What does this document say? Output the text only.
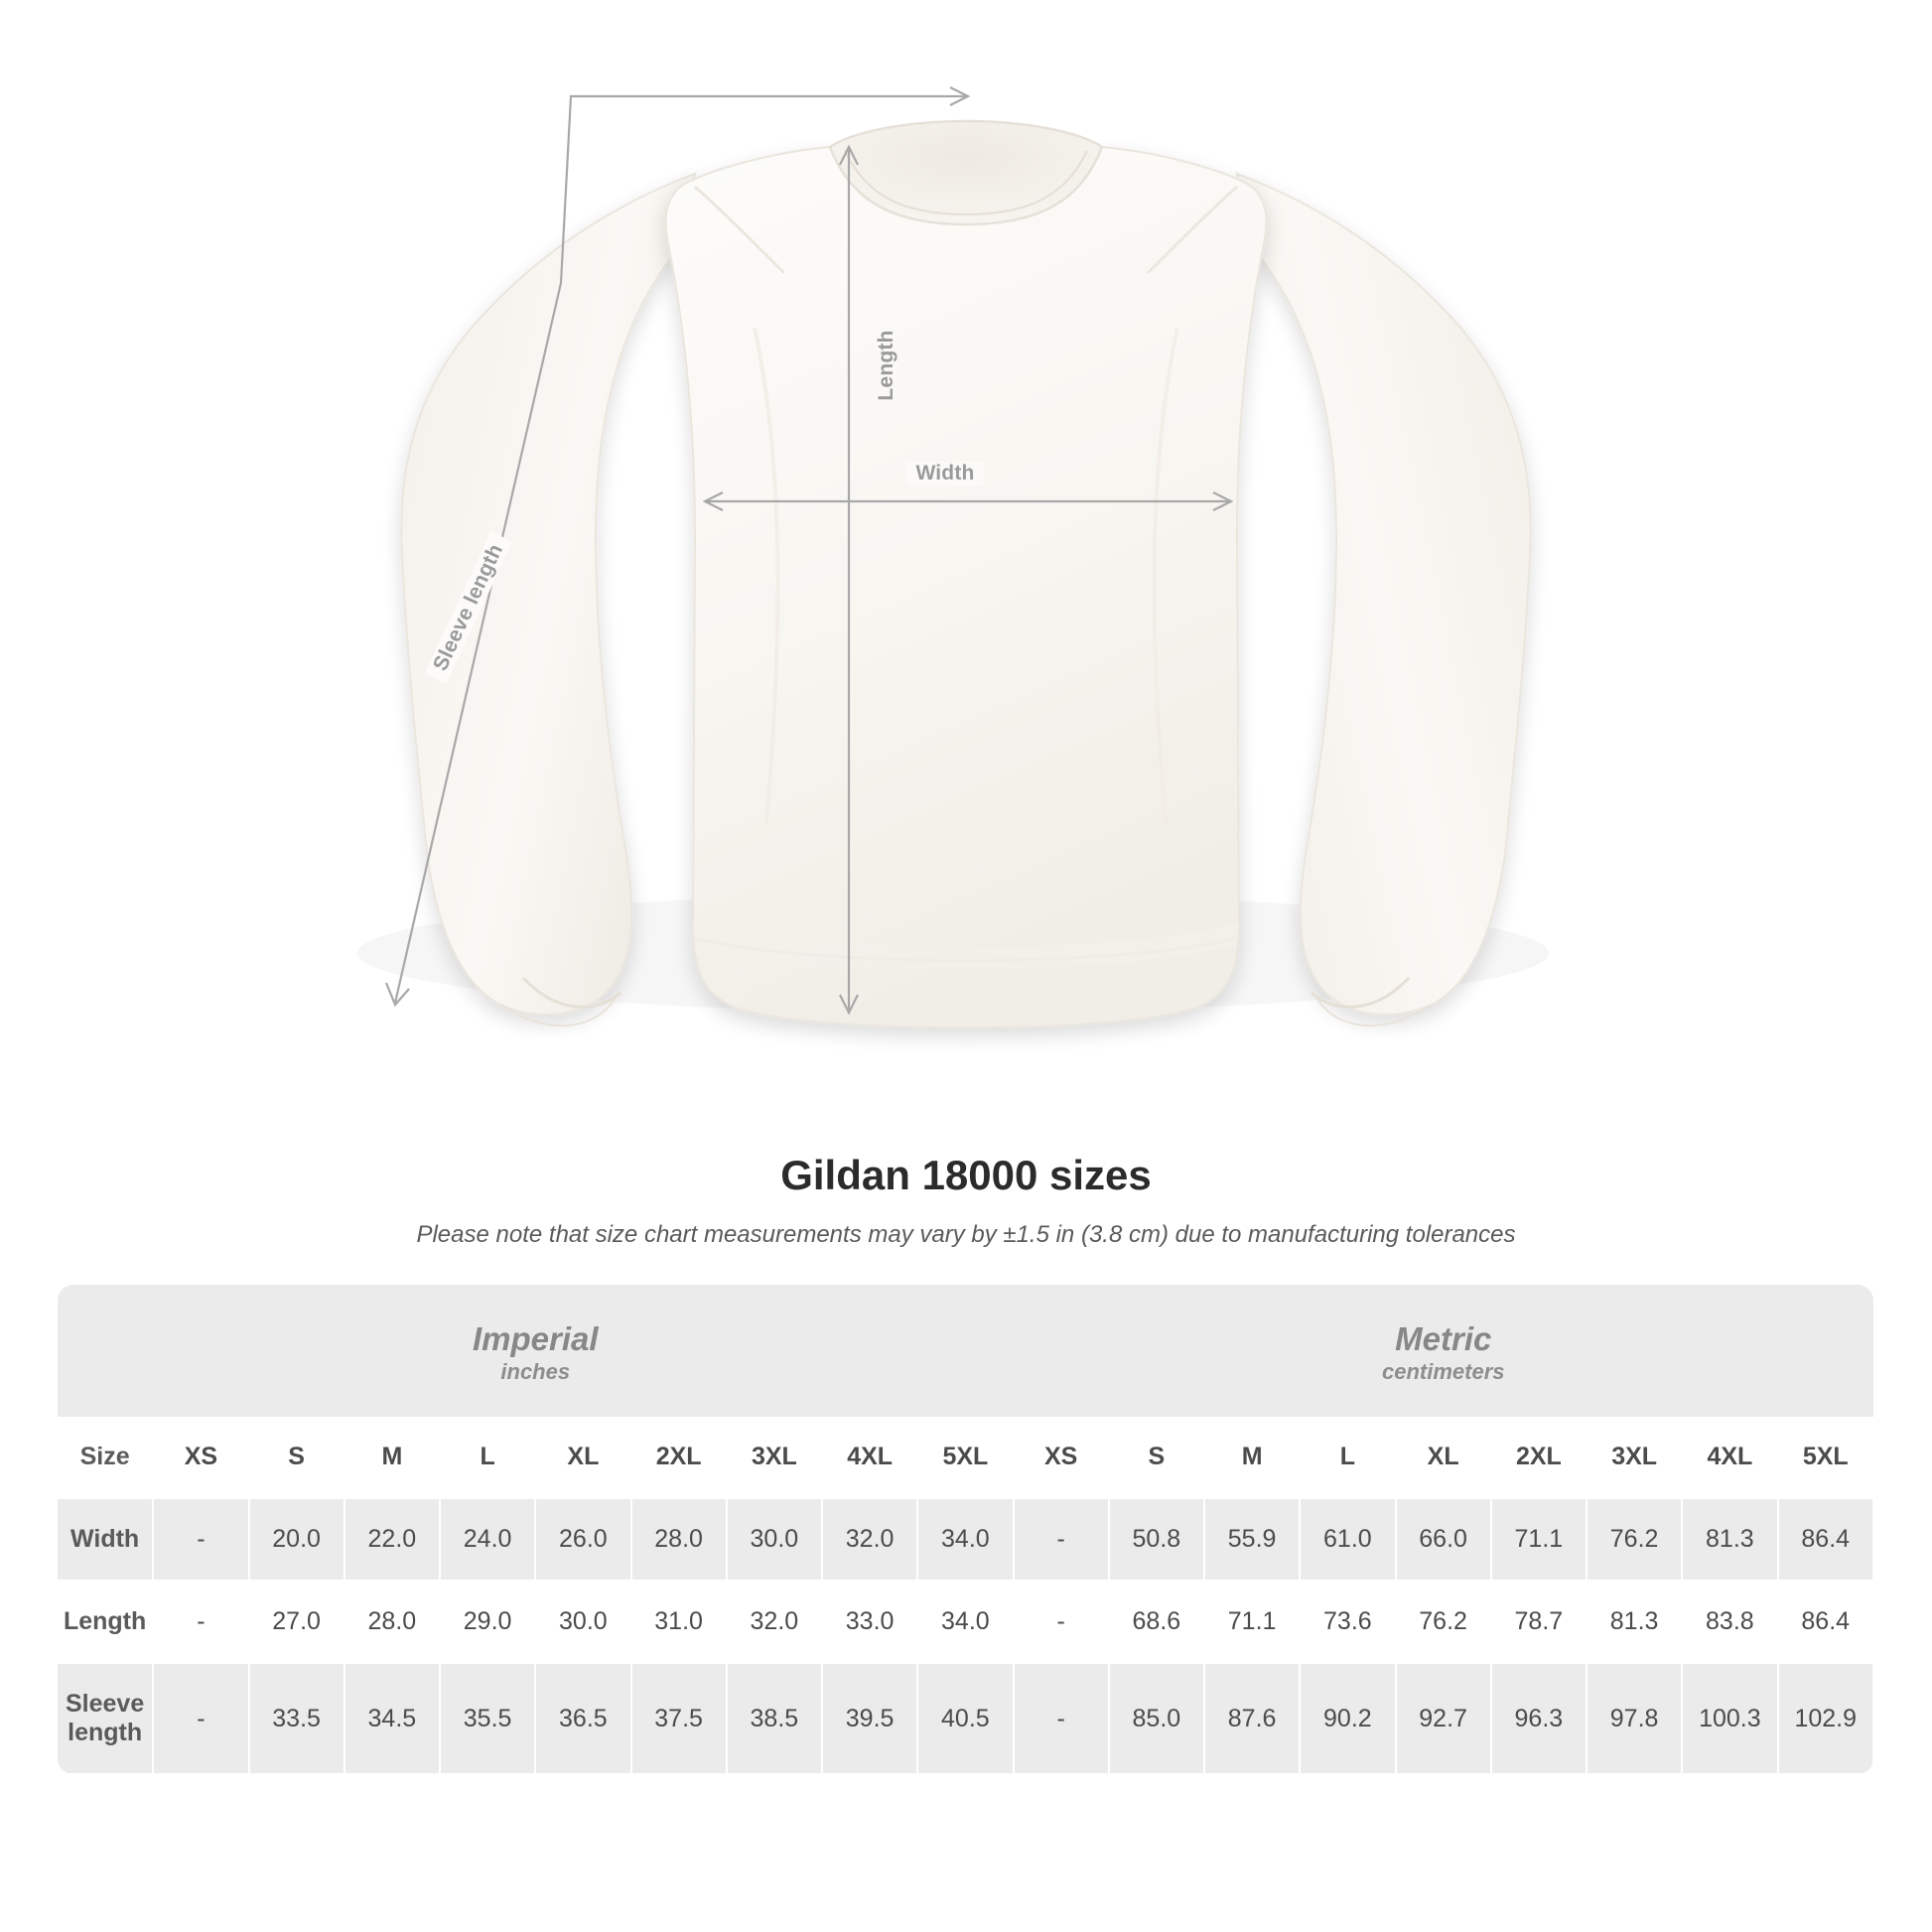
Width
Length
Sleeve length
Gildan 18000 sizes

Please note that size chart measurements may vary by ±1.5 in (3.8 cm) due to manufacturing tolerances

Imperial
inches										Metric
centimeters								

Size	XS	S	M	L	XL	2XL	3XL	4XL	5XL	XS	S	M	L	XL	2XL	3XL	4XL	5XL
Width	-	20.0	22.0	24.0	26.0	28.0	30.0	32.0	34.0	-	50.8	55.9	61.0	66.0	71.1	76.2	81.3	86.4
Length	-	27.0	28.0	29.0	30.0	31.0	32.0	33.0	34.0	-	68.6	71.1	73.6	76.2	78.7	81.3	83.8	86.4
Sleeve length	-	33.5	34.5	35.5	36.5	37.5	38.5	39.5	40.5	-	85.0	87.6	90.2	92.7	96.3	97.8	100.3	102.9
